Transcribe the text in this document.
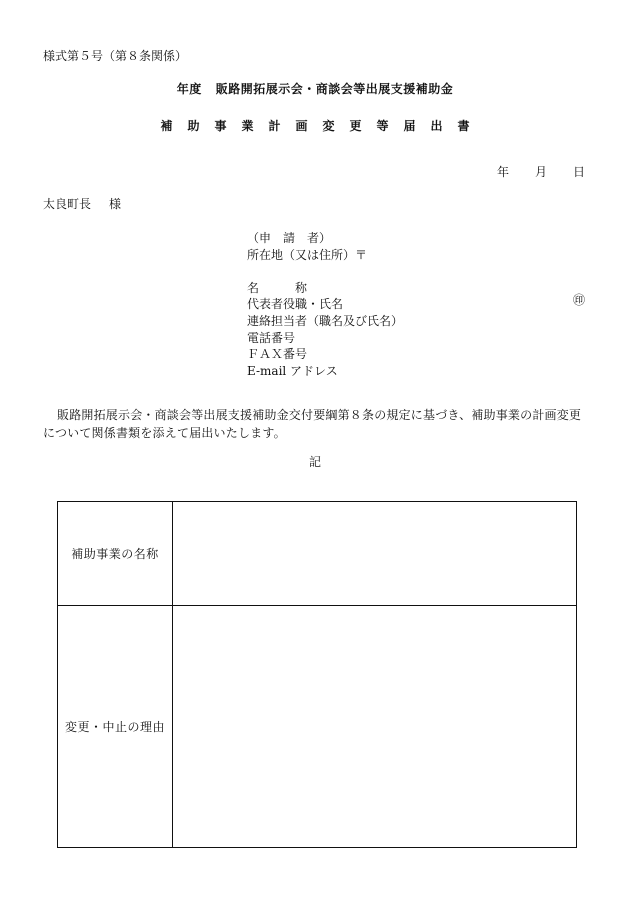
様式第５号（第８条関係）
年度 販路開拓展示会・商談会等出展支援補助金
補助事業計画変更等届出書
年 月 日
太良町長 様
（申　請　者）
所在地（又は住所）〒
名　　　称
代表者役職・氏名
連絡担当者（職名及び氏名）
電話番号
ＦＡＸ番号
E-mail アドレス
㊞
販路開拓展示会・商談会等出展支援補助金交付要綱第８条の規定に基づき、補助事業の計画変更について関係書類を添えて届出いたします。
記
補助事業の名称	
変更・中止の理由	
